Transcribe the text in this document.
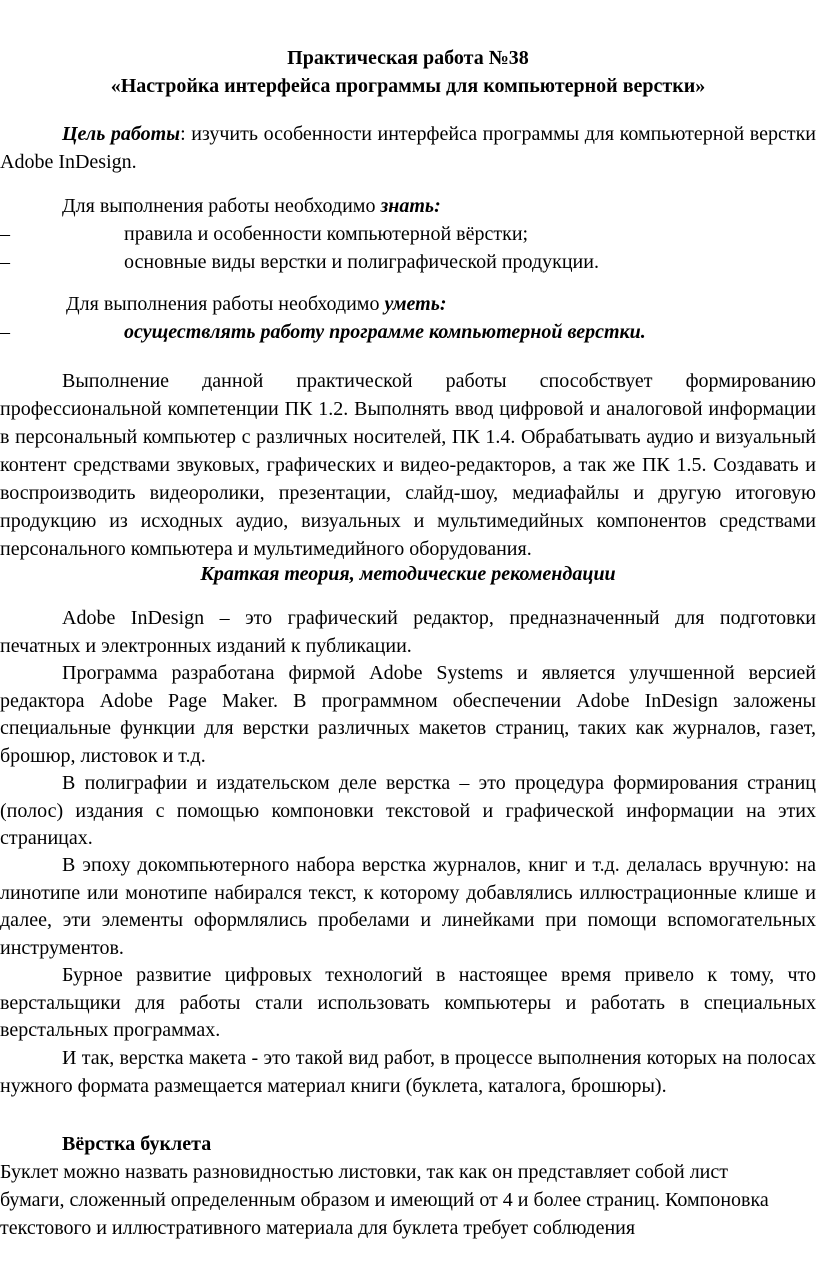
Практическая работа №38
«Настройка интерфейса программы для компьютерной верстки»

Цель работы: изучить особенности интерфейса программы для компьютерной верстки Adobe InDesign.

Для выполнения работы необходимо знать:

–	правила и особенности компьютерной вёрстки;
–	основные виды верстки и полиграфической продукции.

Для выполнения работы необходимо уметь:

–	осуществлять работу программе компьютерной верстки.

Выполнение данной практической работы способствует формированию профессиональной компетенции ПК 1.2. Выполнять ввод цифровой и аналоговой информации в персональный компьютер с различных носителей, ПК 1.4. Обрабатывать аудио и визуальный контент средствами звуковых, графических и видео-редакторов, а так же ПК 1.5. Создавать и воспроизводить видеоролики, презентации, слайд-шоу, медиафайлы и другую итоговую продукцию из исходных аудио, визуальных и мультимедийных компонентов средствами персонального компьютера и мультимедийного оборудования.

Краткая теория, методические рекомендации

Adobe InDesign – это графический редактор, предназначенный для подготовки печатных и электронных изданий к публикации.

Программа разработана фирмой Adobe Systems и является улучшенной версией редактора Adobe Page Maker. В программном обеспечении Adobe InDesign заложены специальные функции для верстки различных макетов страниц, таких как журналов, газет, брошюр, листовок и т.д.

В полиграфии и издательском деле верстка – это процедура формирования страниц (полос) издания с помощью компоновки текстовой и графической информации на этих страницах.

В эпоху докомпьютерного набора верстка журналов, книг и т.д. делалась вручную: на линотипе или монотипе набирался текст, к которому добавлялись иллюстрационные клише и далее, эти элементы оформлялись пробелами и линейками при помощи вспомогательных инструментов.

Бурное развитие цифровых технологий в настоящее время привело к тому, что верстальщики для работы стали использовать компьютеры и работать в специальных верстальных программах.

И так, верстка макета - это такой вид работ, в процессе выполнения которых на полосах нужного формата размещается материал книги (буклета, каталога, брошюры).

Вёрстка буклета
Буклет можно назвать разновидностью листовки, так как он представляет собой лист
бумаги, сложенный определенным образом и имеющий от 4 и более страниц. Компоновка
текстового и иллюстративного материала для буклета требует соблюдения
